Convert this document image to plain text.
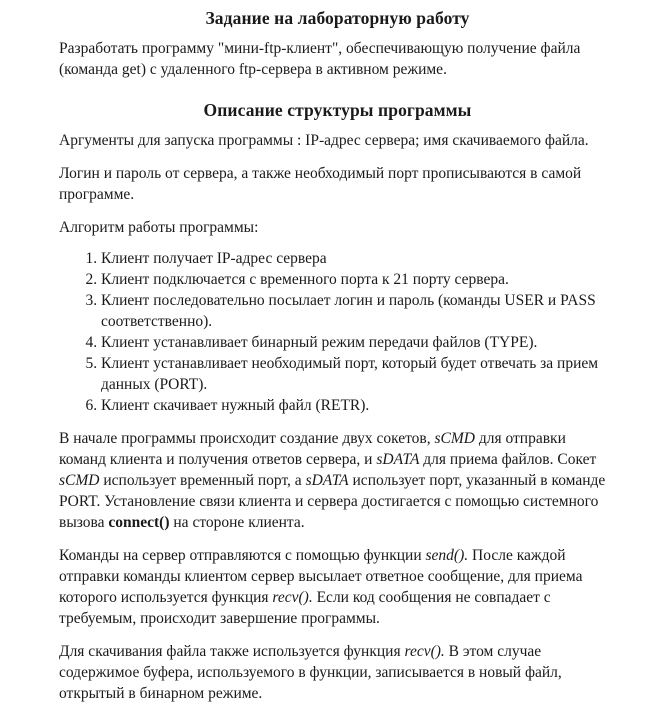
Задание на лабораторную работу

Разработать программу "мини-ftp-клиент", обеспечивающую получение файла (команда get) с удаленного ftp-сервера в активном режиме.

Описание структуры программы

Аргументы для запуска программы : IP-адрес сервера; имя скачиваемого файла.

Логин и пароль от сервера, а также необходимый порт прописываются в самой программе.

Алгоритм работы программы:

1. Клиент получает IP-адрес сервера
2. Клиент подключается с временного порта к 21 порту сервера.
3. Клиент последовательно посылает логин и пароль (команды USER и PASS соответственно).
4. Клиент устанавливает бинарный режим передачи файлов (TYPE).
5. Клиент устанавливает необходимый порт, который будет отвечать за прием данных (PORT).
6. Клиент скачивает нужный файл (RETR).

В начале программы происходит создание двух сокетов, sCMD для отправки команд клиента и получения ответов сервера, и sDATA для приема файлов. Сокет sCMD использует временный порт, а sDATA использует порт, указанный в команде PORT. Установление связи клиента и сервера достигается с помощью системного вызова connect() на стороне клиента.

Команды на сервер отправляются с помощью функции send(). После каждой отправки команды клиентом сервер высылает ответное сообщение, для приема которого используется функция recv(). Если код сообщения не совпадает с требуемым, происходит завершение программы.

Для скачивания файла также используется функция recv(). В этом случае содержимое буфера, используемого в функции, записывается в новый файл, открытый в бинарном режиме.
